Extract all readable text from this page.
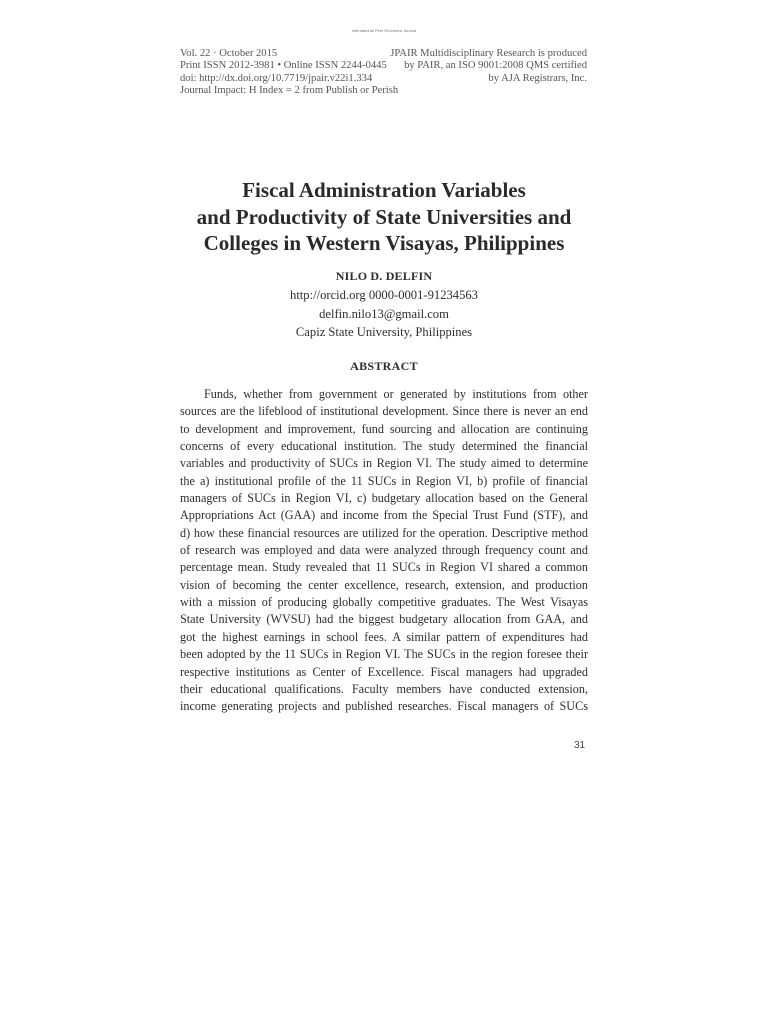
International Peer Reviewed Journal
Vol. 22 · October 2015
Print ISSN 2012-3981 • Online ISSN 2244-0445
doi: http://dx.doi.org/10.7719/jpair.v22i1.334
Journal Impact: H Index = 2 from Publish or Perish
JPAIR Multidisciplinary Research is produced
by PAIR, an ISO 9001:2008 QMS certified
by AJA Registrars, Inc.
Fiscal Administration Variables
and Productivity of State Universities and
Colleges in Western Visayas, Philippines
NILO D. DELFIN
http://orcid.org 0000-0001-91234563
delfin.nilo13@gmail.com
Capiz State University, Philippines
ABSTRACT
Funds, whether from government or generated by institutions from other
sources are the lifeblood of institutional development. Since there is never an end
to development and improvement, fund sourcing and allocation are continuing
concerns of every educational institution. The study determined the financial
variables and productivity of SUCs in Region VI. The study aimed to determine
the a) institutional profile of the 11 SUCs in Region VI, b) profile of financial
managers of SUCs in Region VI, c) budgetary allocation based on the General
Appropriations Act (GAA) and income from the Special Trust Fund (STF), and
d) how these financial resources are utilized for the operation. Descriptive method
of research was employed and data were analyzed through frequency count and
percentage mean. Study revealed that 11 SUCs in Region VI shared a common
vision of becoming the center excellence, research, extension, and production
with a mission of producing globally competitive graduates. The West Visayas
State University (WVSU) had the biggest budgetary allocation from GAA, and
got the highest earnings in school fees. A similar pattern of expenditures had
been adopted by the 11 SUCs in Region VI. The SUCs in the region foresee their
respective institutions as Center of Excellence. Fiscal managers had upgraded
their educational qualifications. Faculty members have conducted extension,
income generating projects and published researches. Fiscal managers of SUCs
31
